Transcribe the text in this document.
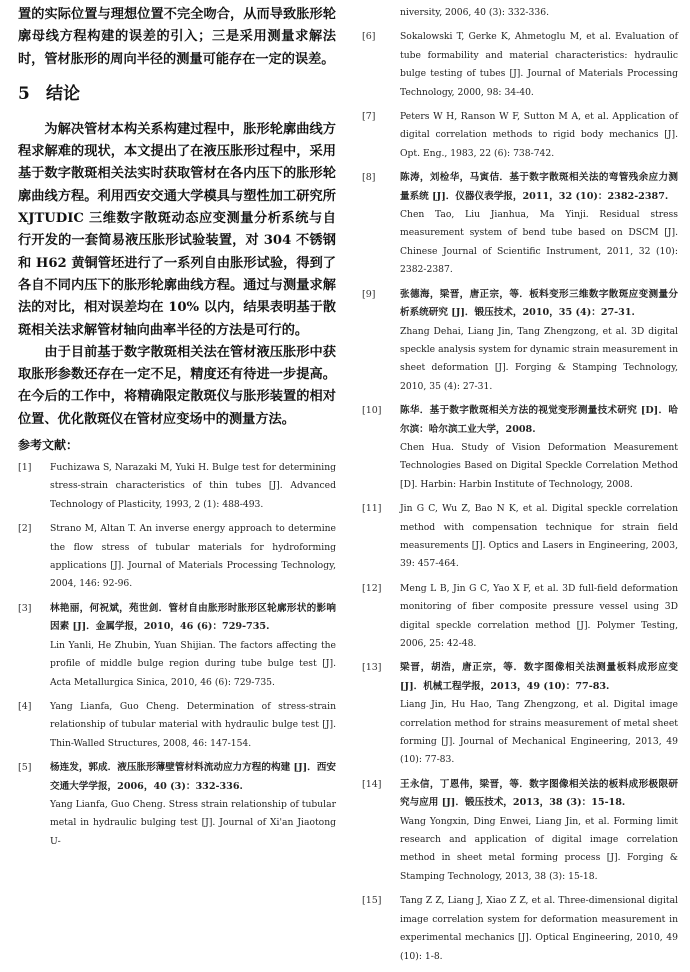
置的实际位置与理想位置不完全吻合，从而导致胀形轮廓母线方程构建的误差的引入；三是采用测量求解法时，管材胀形的周向半径的测量可能存在一定的误差。

5 结论

为解决管材本构关系构建过程中，胀形轮廓曲线方程求解难的现状，本文提出了在液压胀形过程中，采用基于数字散斑相关法实时获取管材在各内压下的胀形轮廓曲线方程。利用西安交通大学模具与塑性加工研究所 XJTUDIC 三维数字散斑动态应变测量分析系统与自行开发的一套简易液压胀形试验装置，对 304 不锈钢和 H62 黄铜管坯进行了一系列自由胀形试验，得到了各自不同内压下的胀形轮廓曲线方程。通过与测量求解法的对比，相对误差均在 10% 以内，结果表明基于散斑相关法求解管材轴向曲率半径的方法是可行的。

由于目前基于数字散斑相关法在管材液压胀形中获取胀形参数还存在一定不足，精度还有待进一步提高。在今后的工作中，将精确限定散斑仪与胀形装置的相对位置、优化散斑仪在管材应变场中的测量方法。

参考文献：
[1]	Fuchizawa S, Narazaki M, Yuki H. Bulge test for determining stress-strain characteristics of thin tubes [J]. Advanced Technology of Plasticity, 1993, 2 (1): 488-493.
[2]	Strano M, Altan T. An inverse energy approach to determine the flow stress of tubular materials for hydroforming applications [J]. Journal of Materials Processing Technology, 2004, 146: 92-96.
[3]	林艳丽，何祝斌，苑世剑．管材自由胀形时胀形区轮廓形状的影响因素 [J]．金属学报，2010，46 (6)：729-735.
Lin Yanli, He Zhubin, Yuan Shijian. The factors affecting the profile of middle bulge region during tube bulge test [J]. Acta Metallurgica Sinica, 2010, 46 (6): 729-735.
[4]	Yang Lianfa, Guo Cheng. Determination of stress-strain relationship of tubular material with hydraulic bulge test [J]. Thin-Walled Structures, 2008, 46: 147-154.
[5]	杨连发，郭成．液压胀形薄壁管材料流动应力方程的构建 [J]．西安交通大学学报，2006，40 (3)：332-336.
Yang Lianfa, Guo Cheng. Stress strain relationship of tubular metal in hydraulic bulging test [J]. Journal of Xi'an Jiaotong U-
niversity, 2006, 40 (3): 332-336.
[6]	Sokalowski T, Gerke K, Ahmetoglu M, et al. Evaluation of tube formability and material characteristics: hydraulic bulge testing of tubes [J]. Journal of Materials Processing Technology, 2000, 98: 34-40.
[7]	Peters W H, Ranson W F, Sutton M A, et al. Application of digital correlation methods to rigid body mechanics [J]. Opt. Eng., 1983, 22 (6): 738-742.
[8]	陈涛，刘检华，马寅佶．基于数字散斑相关法的弯管残余应力测量系统 [J]．仪器仪表学报，2011，32 (10)：2382-2387.
Chen Tao, Liu Jianhua, Ma Yinji. Residual stress measurement system of bend tube based on DSCM [J]. Chinese Journal of Scientific Instrument, 2011, 32 (10): 2382-2387.
[9]	张德海，梁晋，唐正宗，等．板料变形三维数字散斑应变测量分析系统研究 [J]．锻压技术，2010，35 (4)：27-31.
Zhang Dehai, Liang Jin, Tang Zhengzong, et al. 3D digital speckle analysis system for dynamic strain measurement in sheet deformation [J]. Forging & Stamping Technology, 2010, 35 (4): 27-31.
[10]	陈华．基于数字散斑相关方法的视觉变形测量技术研究 [D]．哈尔滨：哈尔滨工业大学，2008.
Chen Hua. Study of Vision Deformation Measurement Technologies Based on Digital Speckle Correlation Method [D]. Harbin: Harbin Institute of Technology, 2008.
[11]	Jin G C, Wu Z, Bao N K, et al. Digital speckle correlation method with compensation technique for strain field measurements [J]. Optics and Lasers in Engineering, 2003, 39: 457-464.
[12]	Meng L B, Jin G C, Yao X F, et al. 3D full-field deformation monitoring of fiber composite pressure vessel using 3D digital speckle correlation method [J]. Polymer Testing, 2006, 25: 42-48.
[13]	梁晋，胡浩，唐正宗，等．数字图像相关法测量板料成形应变 [J]．机械工程学报，2013，49 (10)：77-83.
Liang Jin, Hu Hao, Tang Zhengzong, et al. Digital image correlation method for strains measurement of metal sheet forming [J]. Journal of Mechanical Engineering, 2013, 49 (10): 77-83.
[14]	王永信，丁恩伟，梁晋，等．数字图像相关法的板料成形极限研究与应用 [J]．锻压技术，2013，38 (3)：15-18.
Wang Yongxin, Ding Enwei, Liang Jin, et al. Forming limit research and application of digital image correlation method in sheet metal forming process [J]. Forging & Stamping Technology, 2013, 38 (3): 15-18.
[15]	Tang Z Z, Liang J, Xiao Z Z, et al. Three-dimensional digital image correlation system for deformation measurement in experimental mechanics [J]. Optical Engineering, 2010, 49 (10): 1-8.
